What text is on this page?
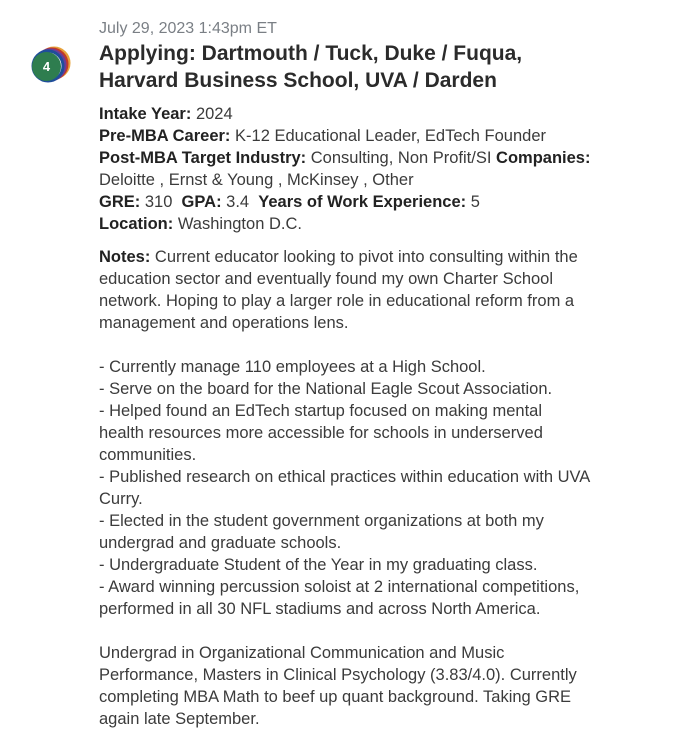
4

July 29, 2023 1:43pm ET

Applying: Dartmouth / Tuck, Duke / Fuqua,
Harvard Business School, UVA / Darden
Intake Year: 2024
Pre-MBA Career: K-12 Educational Leader, EdTech Founder
Post-MBA Target Industry: Consulting, Non Profit/SI Companies:
Deloitte , Ernst & Young , McKinsey , Other
GRE: 310 GPA: 3.4 Years of Work Experience: 5
Location: Washington D.C.
Notes: Current educator looking to pivot into consulting within the
education sector and eventually found my own Charter School
network. Hoping to play a larger role in educational reform from a
management and operations lens.
- Currently manage 110 employees at a High School.
- Serve on the board for the National Eagle Scout Association.
- Helped found an EdTech startup focused on making mental
health resources more accessible for schools in underserved
communities.
- Published research on ethical practices within education with UVA
Curry.
- Elected in the student government organizations at both my
undergrad and graduate schools.
- Undergraduate Student of the Year in my graduating class.
- Award winning percussion soloist at 2 international competitions,
performed in all 30 NFL stadiums and across North America.
Undergrad in Organizational Communication and Music
Performance, Masters in Clinical Psychology (3.83/4.0). Currently
completing MBA Math to beef up quant background. Taking GRE
again late September.
